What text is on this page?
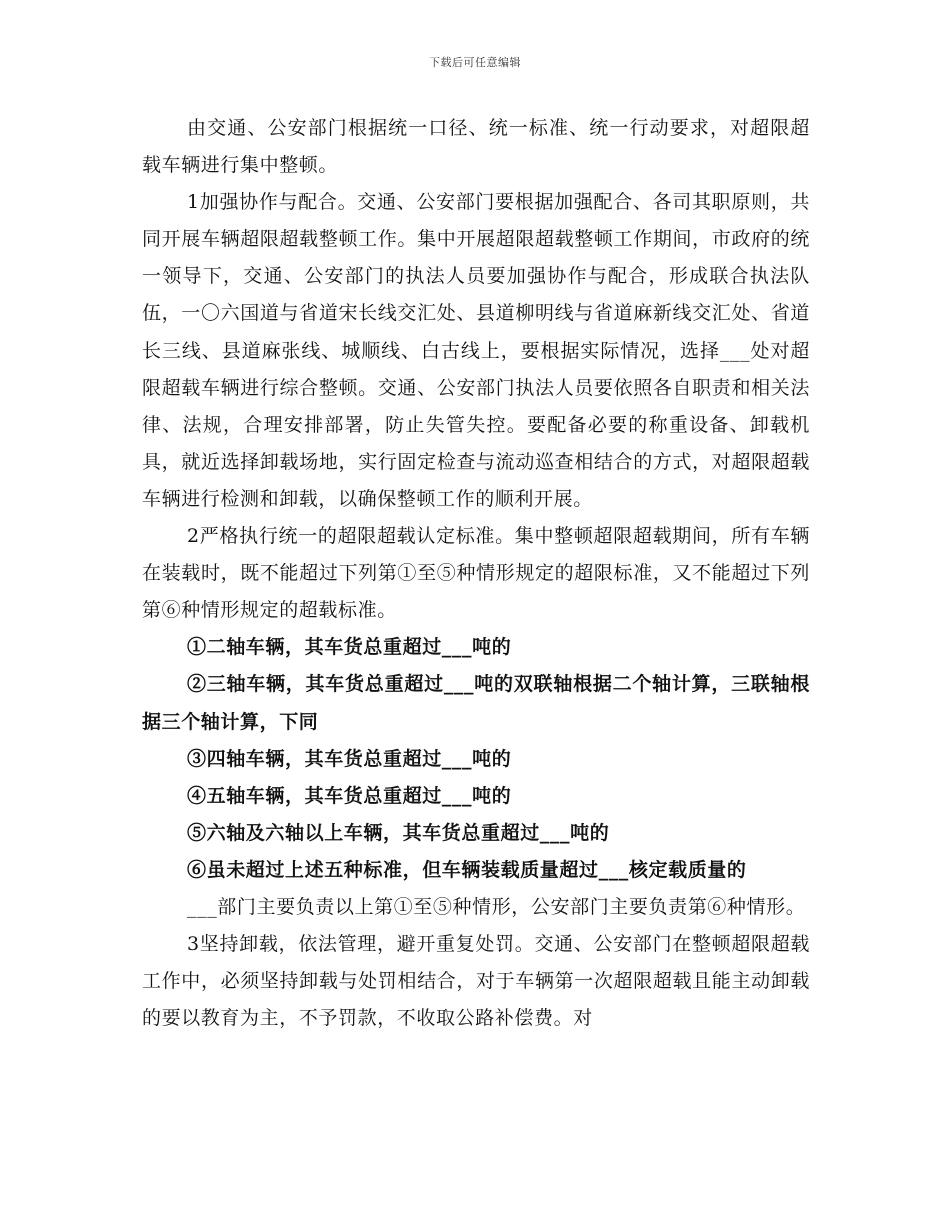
下载后可任意编辑

由交通、公安部门根据统一口径、统一标准、统一行动要求，对超限超载车辆进行集中整顿。

1加强协作与配合。交通、公安部门要根据加强配合、各司其职原则，共同开展车辆超限超载整顿工作。集中开展超限超载整顿工作期间，市政府的统一领导下，交通、公安部门的执法人员要加强协作与配合，形成联合执法队伍，一〇六国道与省道宋长线交汇处、县道柳明线与省道麻新线交汇处、省道长三线、县道麻张线、城顺线、白古线上，要根据实际情况，选择___处对超限超载车辆进行综合整顿。交通、公安部门执法人员要依照各自职责和相关法律、法规，合理安排部署，防止失管失控。要配备必要的称重设备、卸载机具，就近选择卸载场地，实行固定检查与流动巡查相结合的方式，对超限超载车辆进行检测和卸载，以确保整顿工作的顺利开展。

2严格执行统一的超限超载认定标准。集中整顿超限超载期间，所有车辆在装载时，既不能超过下列第①至⑤种情形规定的超限标准，又不能超过下列第⑥种情形规定的超载标准。

①二轴车辆，其车货总重超过___吨的

②三轴车辆，其车货总重超过___吨的双联轴根据二个轴计算，三联轴根据三个轴计算，下同

③四轴车辆，其车货总重超过___吨的

④五轴车辆，其车货总重超过___吨的

⑤六轴及六轴以上车辆，其车货总重超过___吨的

⑥虽未超过上述五种标准，但车辆装载质量超过___核定载质量的

___部门主要负责以上第①至⑤种情形，公安部门主要负责第⑥种情形。

3坚持卸载，依法管理，避开重复处罚。交通、公安部门在整顿超限超载工作中，必须坚持卸载与处罚相结合，对于车辆第一次超限超载且能主动卸载的要以教育为主，不予罚款，不收取公路补偿费。对
